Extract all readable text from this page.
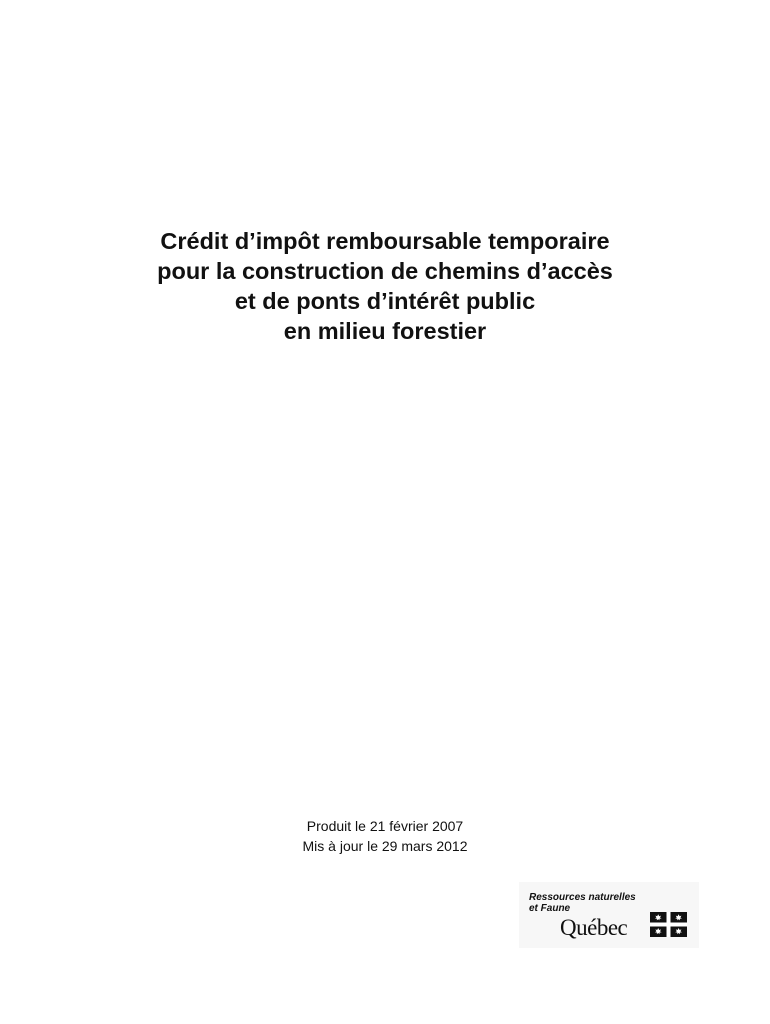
Crédit d’impôt remboursable temporaire
pour la construction de chemins d’accès
et de ponts d’intérêt public
en milieu forestier
Produit le 21 février 2007
Mis à jour le 29 mars 2012
Ressources naturelles
et Faune
Québec
